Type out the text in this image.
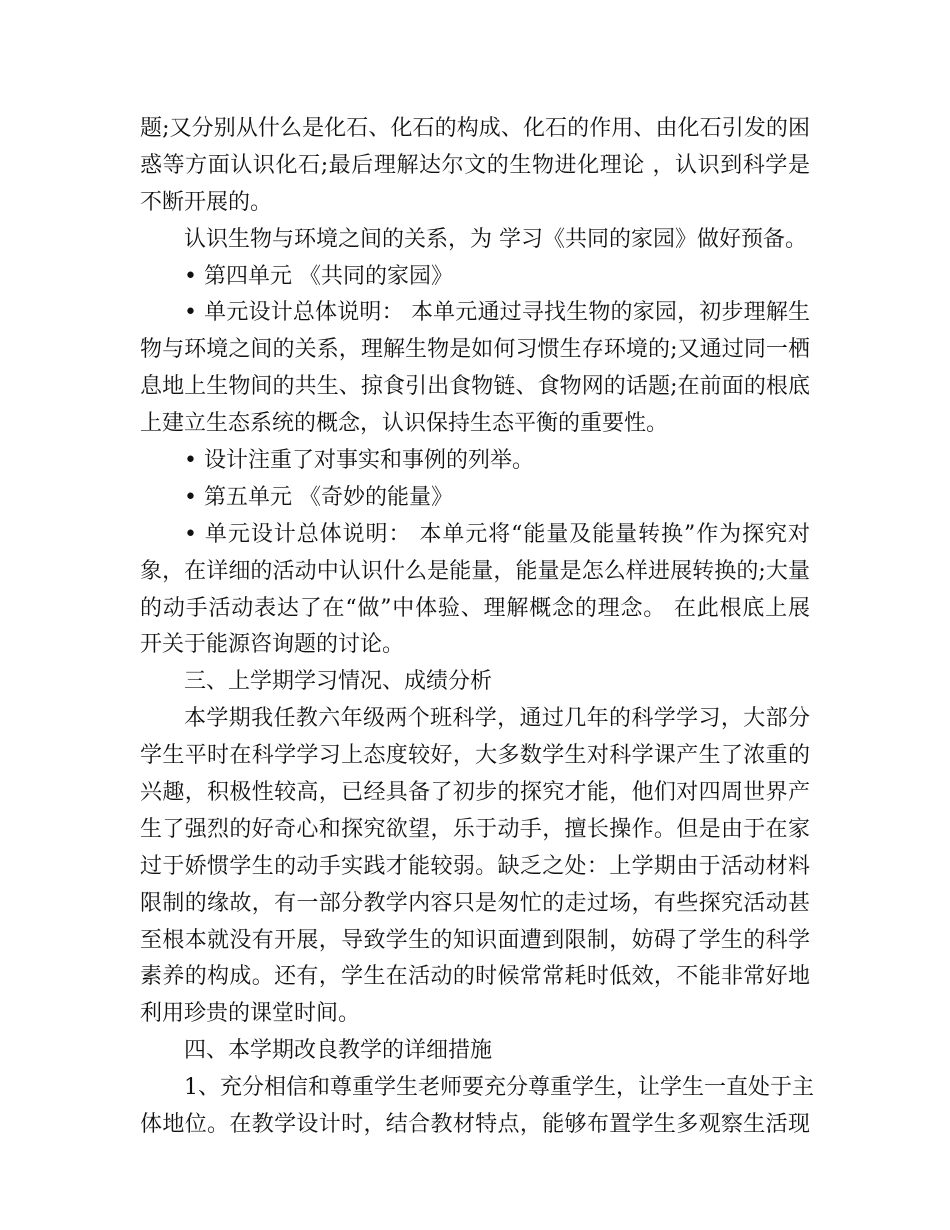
题;又分别从什么是化石、化石的构成、化石的作用、由化石引发的困
惑等方面认识化石;最后理解达尔文的生物进化理论 ，认识到科学是
不断开展的。
认识生物与环境之间的关系，为 学习《共同的家园》做好预备。
• 第四单元 《共同的家园》
• 单元设计总体说明： 本单元通过寻找生物的家园，初步理解生
物与环境之间的关系，理解生物是如何习惯生存环境的;又通过同一栖
息地上生物间的共生、掠食引出食物链、食物网的话题;在前面的根底
上建立生态系统的概念，认识保持生态平衡的重要性。
• 设计注重了对事实和事例的列举。
• 第五单元 《奇妙的能量》
• 单元设计总体说明： 本单元将“能量及能量转换”作为探究对
象，在详细的活动中认识什么是能量，能量是怎么样进展转换的;大量
的动手活动表达了在“做”中体验、理解概念的理念。 在此根底上展
开关于能源咨询题的讨论。
三、上学期学习情况、成绩分析
本学期我任教六年级两个班科学，通过几年的科学学习，大部分
学生平时在科学学习上态度较好，大多数学生对科学课产生了浓重的
兴趣，积极性较高，已经具备了初步的探究才能，他们对四周世界产
生了强烈的好奇心和探究欲望，乐于动手，擅长操作。但是由于在家
过于娇惯学生的动手实践才能较弱。缺乏之处：上学期由于活动材料
限制的缘故，有一部分教学内容只是匆忙的走过场，有些探究活动甚
至根本就没有开展，导致学生的知识面遭到限制，妨碍了学生的科学
素养的构成。还有，学生在活动的时候常常耗时低效，不能非常好地
利用珍贵的课堂时间。
四、本学期改良教学的详细措施
1、充分相信和尊重学生老师要充分尊重学生，让学生一直处于主
体地位。在教学设计时，结合教材特点，能够布置学生多观察生活现
